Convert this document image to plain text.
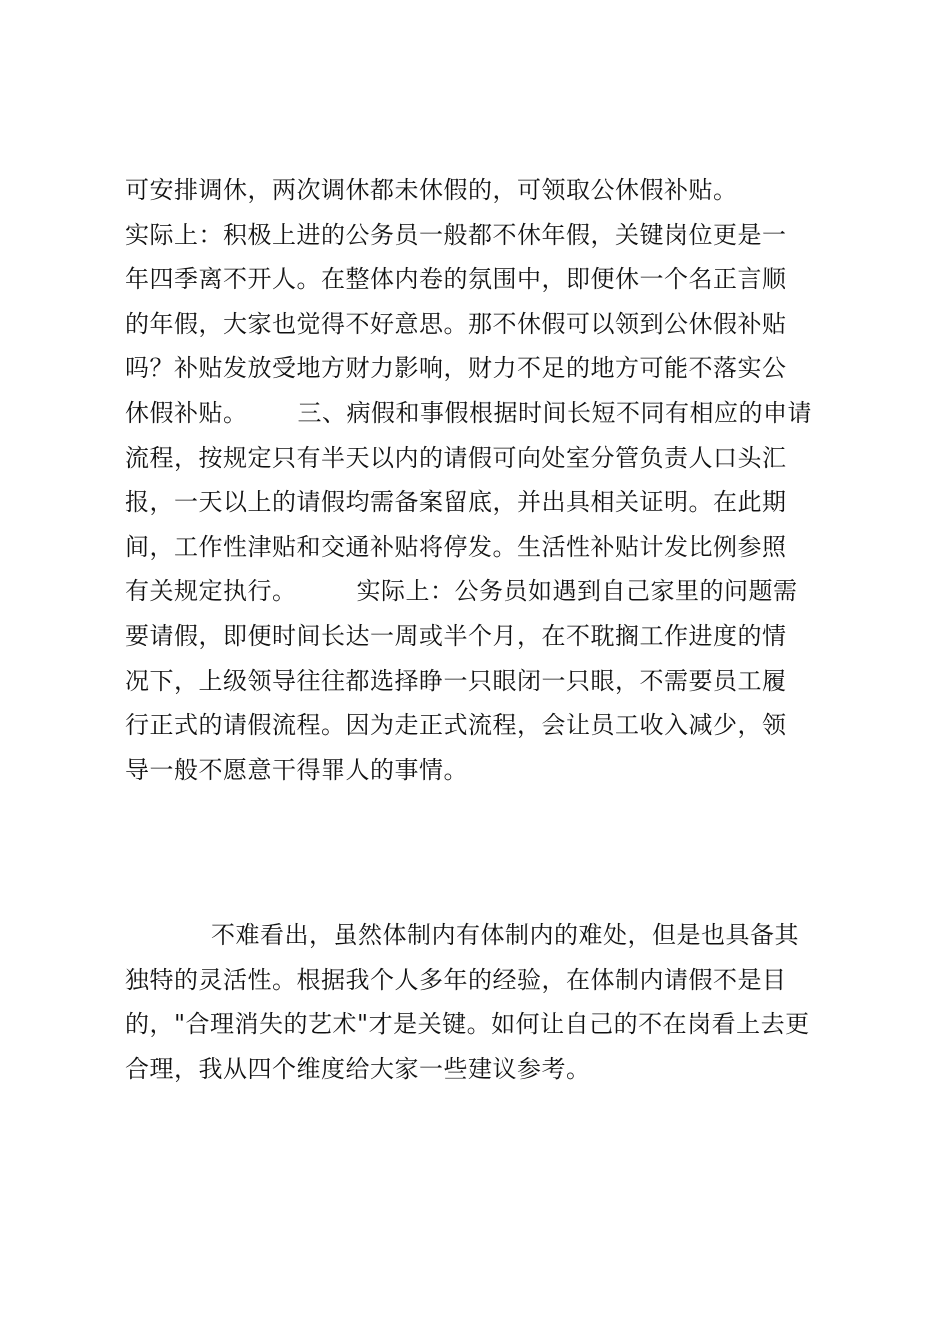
可安排调休，两次调休都未休假的，可领取公休假补贴。
实际上：积极上进的公务员一般都不休年假，关键岗位更是一
年四季离不开人。在整体内卷的氛围中，即便休一个名正言顺
的年假，大家也觉得不好意思。那不休假可以领到公休假补贴
吗？补贴发放受地方财力影响，财力不足的地方可能不落实公
休假补贴。 三、病假和事假根据时间长短不同有相应的申请
流程，按规定只有半天以内的请假可向处室分管负责人口头汇
报，一天以上的请假均需备案留底，并出具相关证明。在此期
间，工作性津贴和交通补贴将停发。生活性补贴计发比例参照
有关规定执行。	实际上：公务员如遇到自己家里的问题需
要请假，即便时间长达一周或半个月，在不耽搁工作进度的情
况下，上级领导往往都选择睁一只眼闭一只眼，不需要员工履
行正式的请假流程。因为走正式流程，会让员工收入减少，领
导一般不愿意干得罪人的事情。
不难看出，虽然体制内有体制内的难处，但是也具备其
独特的灵活性。根据我个人多年的经验，在体制内请假不是目
的，"合理消失的艺术"才是关键。如何让自己的不在岗看上去更
合理，我从四个维度给大家一些建议参考。
